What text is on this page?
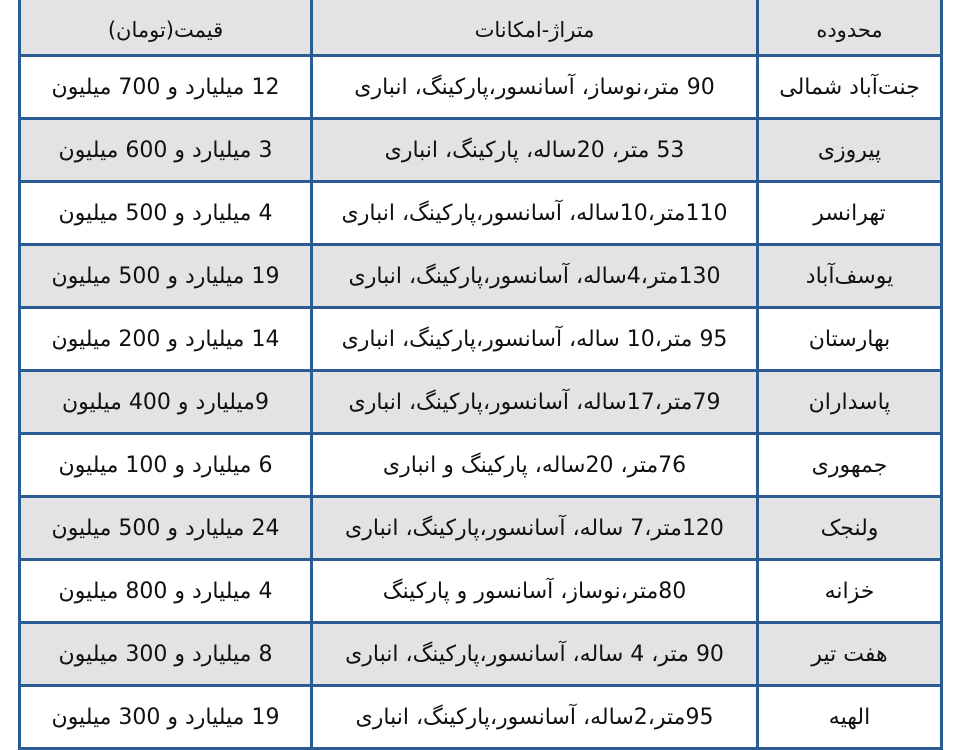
محدوده	متراژ-امکانات	قیمت(تومان)
جنت‌آباد شمالی	90 متر،نوساز، آسانسور،پارکینگ، انباری	12 میلیارد و 700 میلیون
پیروزی	53 متر، 20ساله، پارکینگ، انباری	3 میلیارد و 600 میلیون
تهرانسر	110متر،10ساله، آسانسور،پارکینگ، انباری	4 میلیارد و 500 میلیون
یوسف‌آباد	130متر،4ساله، آسانسور،پارکینگ، انباری	19 میلیارد و 500 میلیون
بهارستان	95 متر،10 ساله، آسانسور،پارکینگ، انباری	14 میلیارد و 200 میلیون
پاسداران	79متر،17ساله، آسانسور،پارکینگ، انباری	9میلیارد و 400 میلیون
جمهوری	76متر، 20ساله، پارکینگ و انباری	6 میلیارد و 100 میلیون
ولنجک	120متر،7 ساله، آسانسور،پارکینگ، انباری	24 میلیارد و 500 میلیون
خزانه	80متر،نوساز، آسانسور و پارکینگ	4 میلیارد و 800 میلیون
هفت تیر	90 متر، 4 ساله، آسانسور،پارکینگ، انباری	8 میلیارد و 300 میلیون
الهیه	95متر،2ساله، آسانسور،پارکینگ، انباری	19 میلیارد و 300 میلیون
